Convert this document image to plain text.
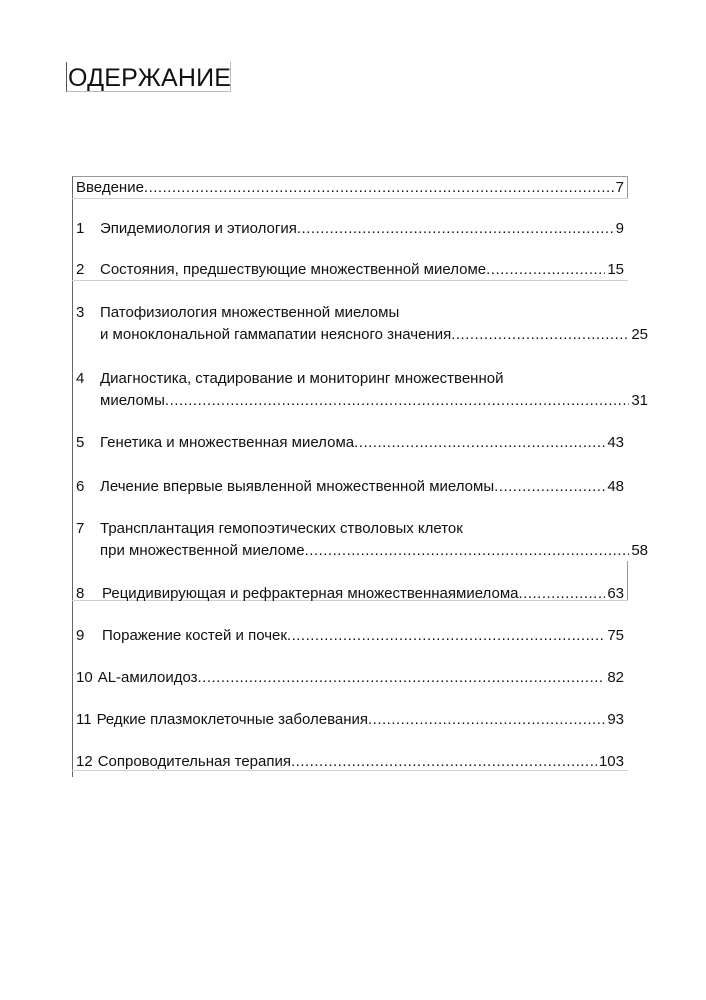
ОДЕРЖАНИЕ
Введение .....	7
1	Эпидемиология и этиология .....	9
2	Состояния, предшествующие множественной миеломе .....	15
3	Патофизиология множественной миеломы
и моноклональной гаммапатии неясного значения .....	25
4	Диагностика, стадирование и мониторинг множественной
миеломы .....	31
5	Генетика и множественная миелома .....	43
6	Лечение впервые выявленной множественной миеломы .....	48
7	Трансплантация гемопоэтических стволовых клеток
при множественной миеломе .....	58
8	Рецидивирующая и рефрактерная множественнаямиелома .....	63
9	Поражение костей и почек .....	75
10 AL-амилоидоз .....	82
11 Редкие плазмоклеточные заболевания .....	93
12 Сопроводительная терапия .....	103
